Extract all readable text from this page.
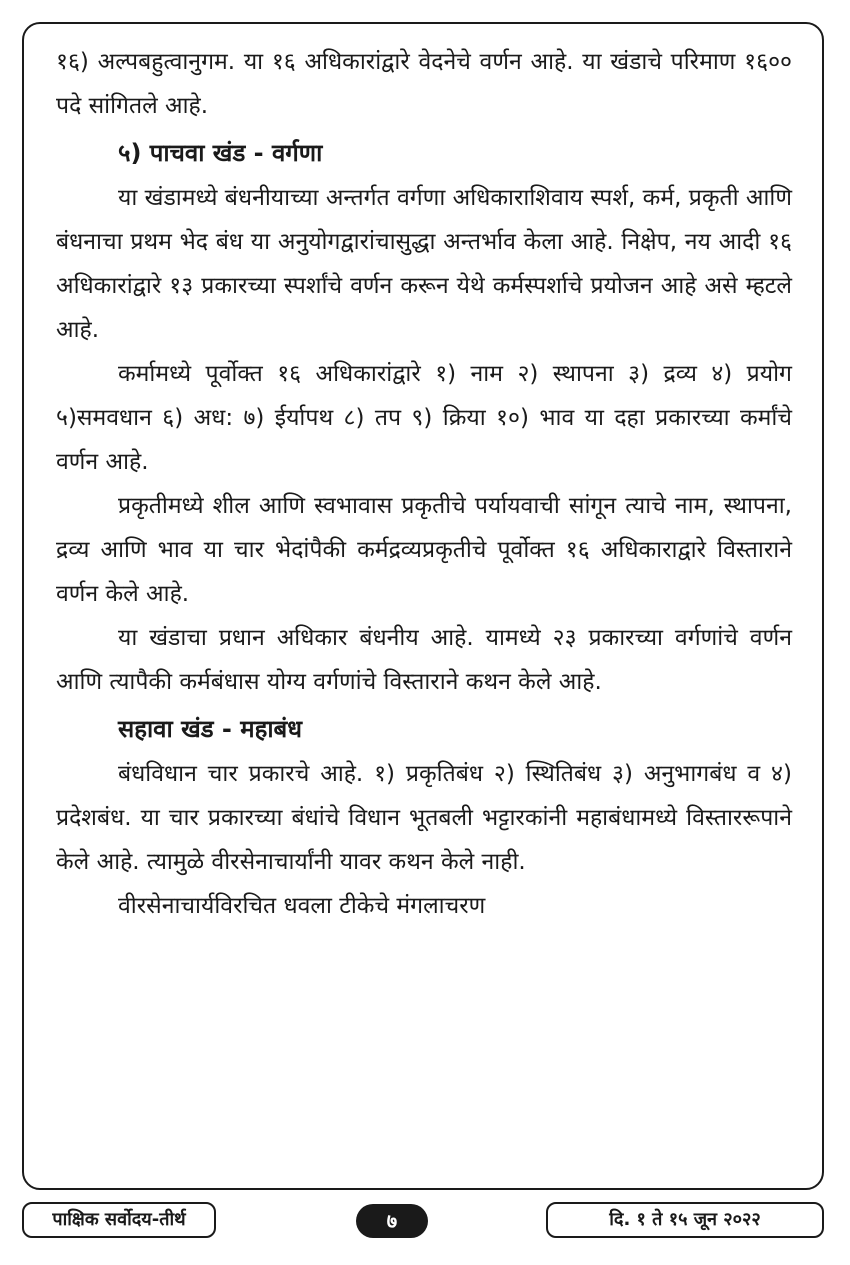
१६) अल्पबहुत्वानुगम. या १६ अधिकारांद्वारे वेदनेचे वर्णन आहे. या खंडाचे परिमाण १६०० पदे सांगितले आहे.

५) पाचवा खंड - वर्गणा

या खंडामध्ये बंधनीयाच्या अन्तर्गत वर्गणा अधिकाराशिवाय स्पर्श, कर्म, प्रकृती आणि बंधनाचा प्रथम भेद बंध या अनुयोगद्वारांचासुद्धा अन्तर्भाव केला आहे. निक्षेप, नय आदी १६ अधिकारांद्वारे १३ प्रकारच्या स्पर्शांचे वर्णन करून येथे कर्मस्पर्शाचे प्रयोजन आहे असे म्हटले आहे.

कर्मामध्ये पूर्वोक्त १६ अधिकारांद्वारे १) नाम २) स्थापना ३) द्रव्य ४) प्रयोग ५)समवधान ६) अध: ७) ईर्यापथ ८) तप ९) क्रिया १०) भाव या दहा प्रकारच्या कर्मांचे वर्णन आहे.

प्रकृतीमध्ये शील आणि स्वभावास प्रकृतीचे पर्यायवाची सांगून त्याचे नाम, स्थापना, द्रव्य आणि भाव या चार भेदांपैकी कर्मद्रव्यप्रकृतीचे पूर्वोक्त १६ अधिकाराद्वारे विस्ताराने वर्णन केले आहे.

या खंडाचा प्रधान अधिकार बंधनीय आहे. यामध्ये २३ प्रकारच्या वर्गणांचे वर्णन आणि त्यापैकी कर्मबंधास योग्य वर्गणांचे विस्ताराने कथन केले आहे.

सहावा खंड - महाबंध

बंधविधान चार प्रकारचे आहे. १) प्रकृतिबंध २) स्थितिबंध ३) अनुभागबंध व ४) प्रदेशबंध. या चार प्रकारच्या बंधांचे विधान भूतबली भट्टारकांनी महाबंधामध्ये विस्ताररूपाने केले आहे. त्यामुळे वीरसेनाचार्यांनी यावर कथन केले नाही.

वीरसेनाचार्यविरचित धवला टीकेचे मंगलाचरण

पाक्षिक सर्वोदय-तीर्थ	७	दि. १ ते १५ जून २०२२
